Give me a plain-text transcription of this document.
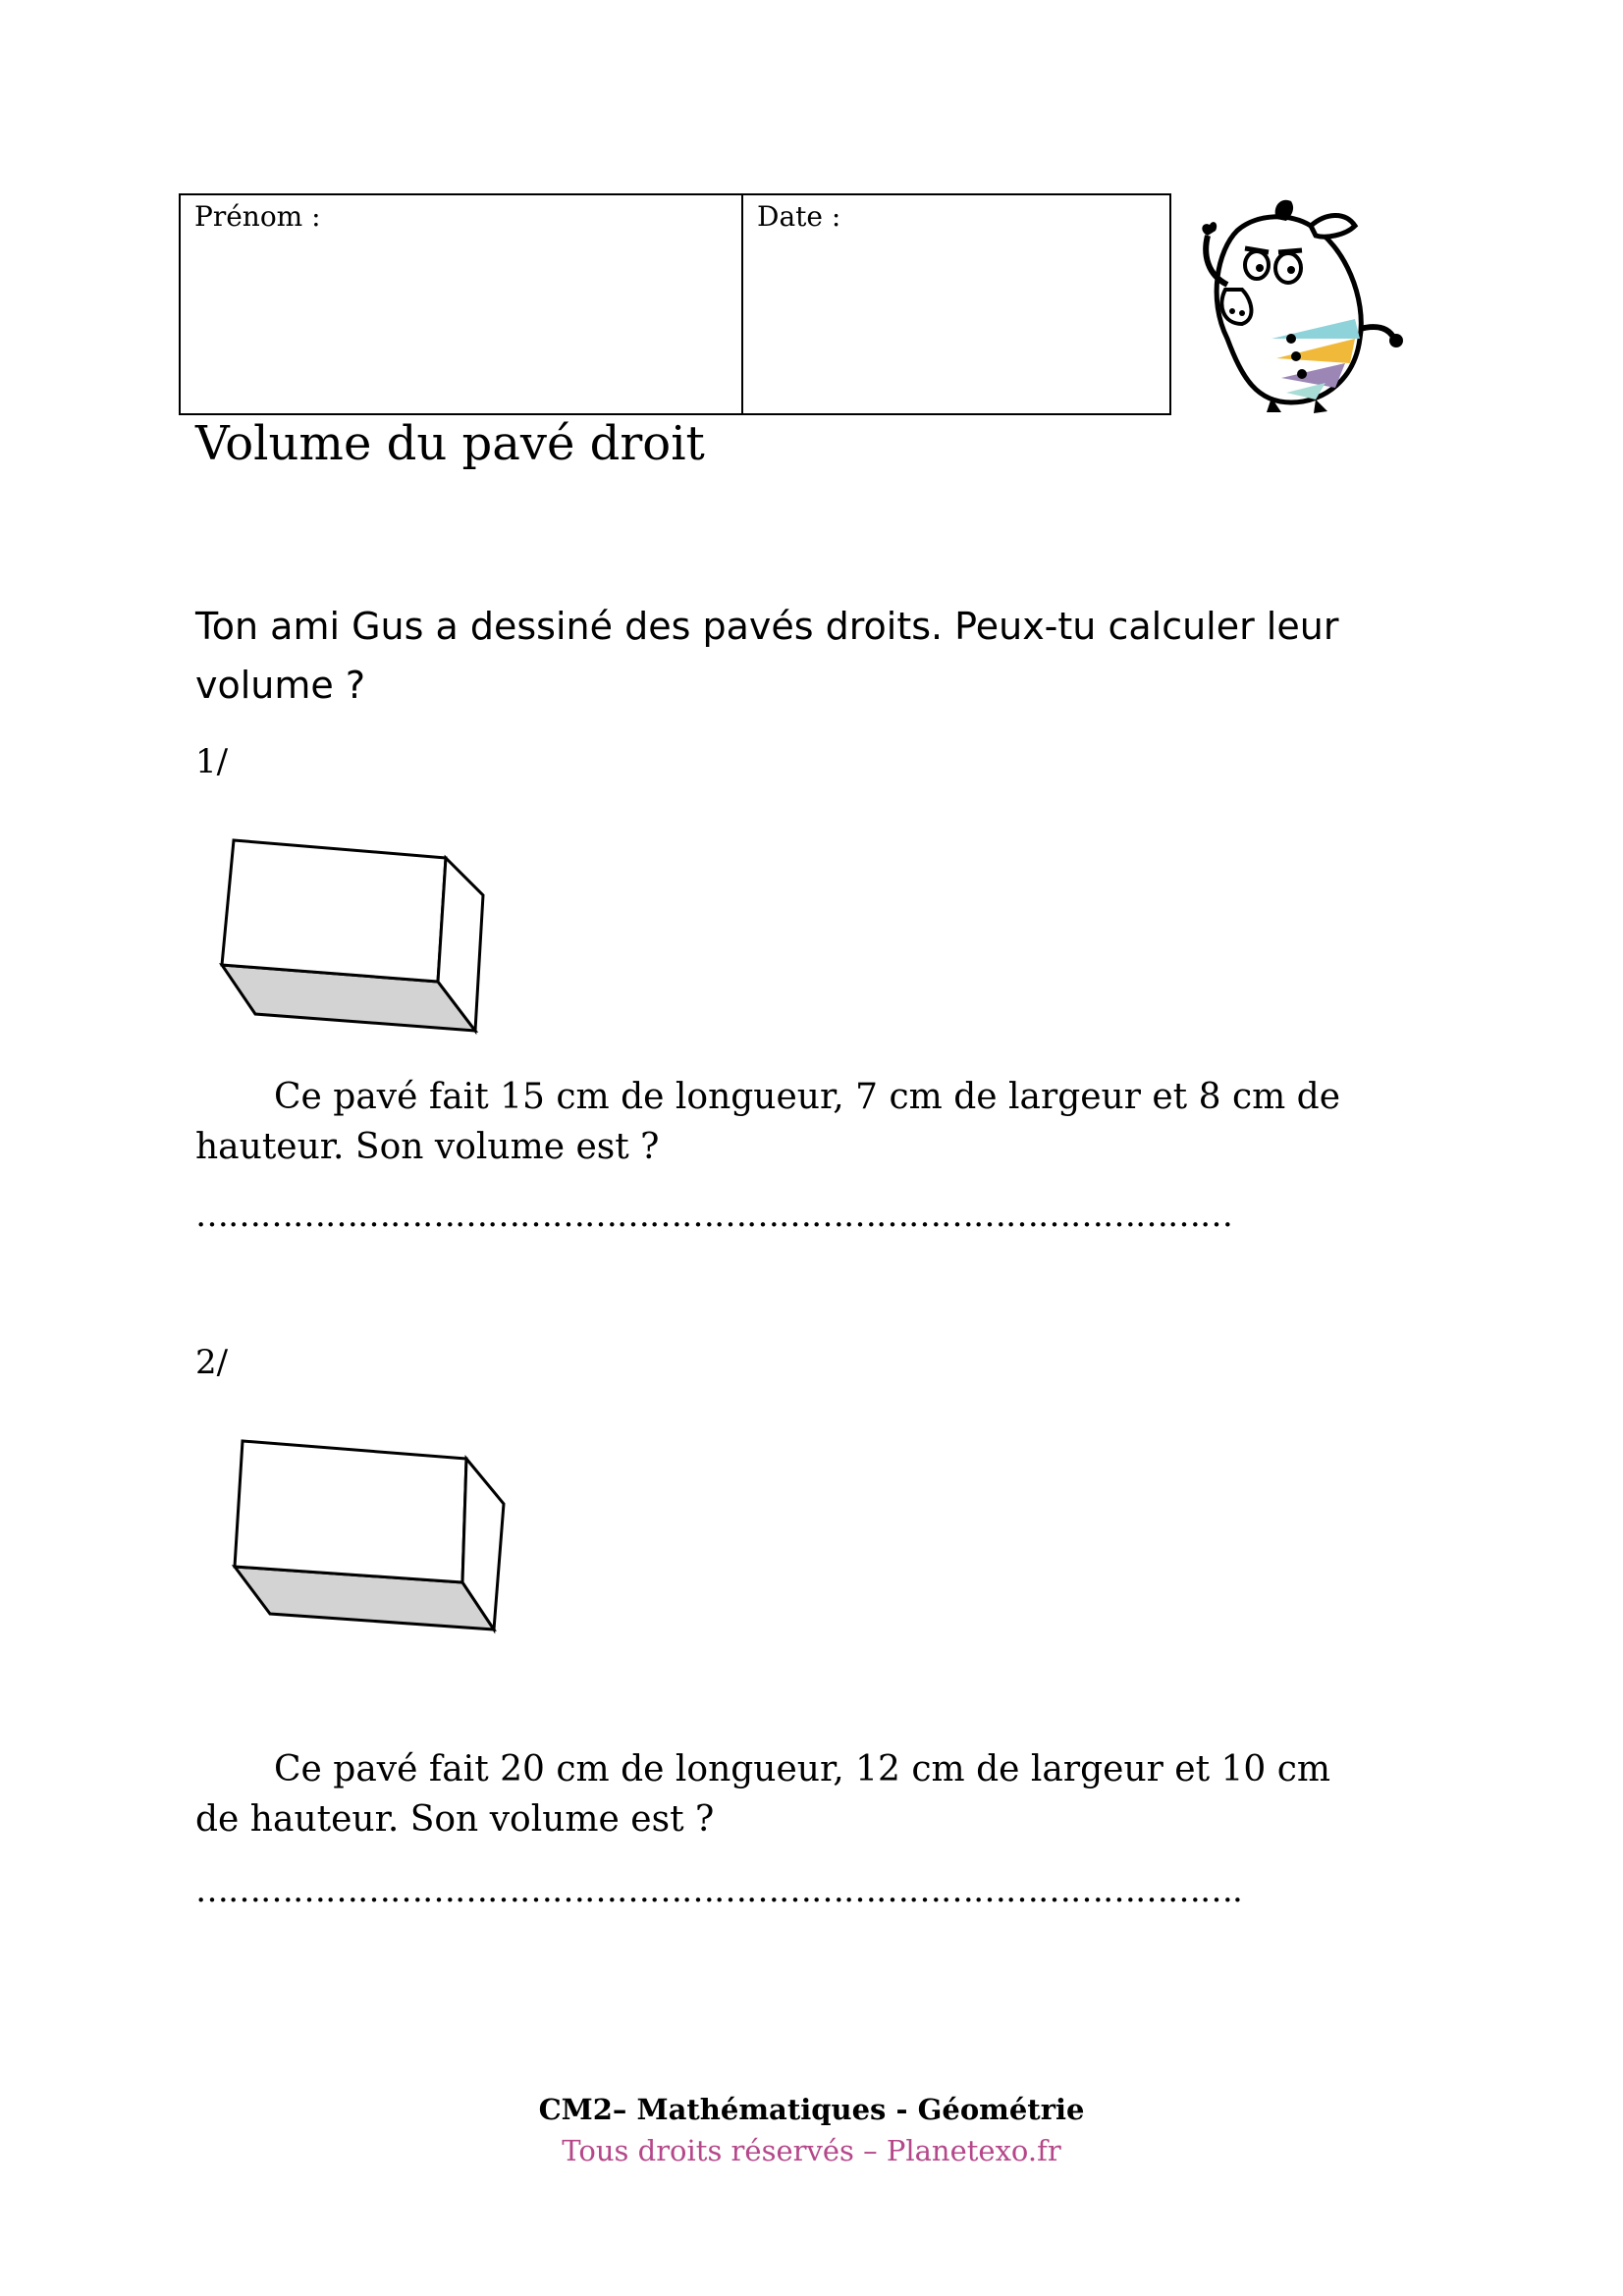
Prénom :	Date :
Volume du pavé droit

Ton ami Gus a dessiné des pavés droits. Peux-tu calculer leur volume ?

1/

Ce pavé fait 15 cm de longueur, 7 cm de largeur et 8 cm de hauteur. Son volume est ?

……………………………………………………………………………………

2/

Ce pavé fait 20 cm de longueur, 12 cm de largeur et 10 cm de hauteur. Son volume est ?

…………………………………………………………………………………….

CM2– Mathématiques - Géométrie

Tous droits réservés – Planetexo.fr
